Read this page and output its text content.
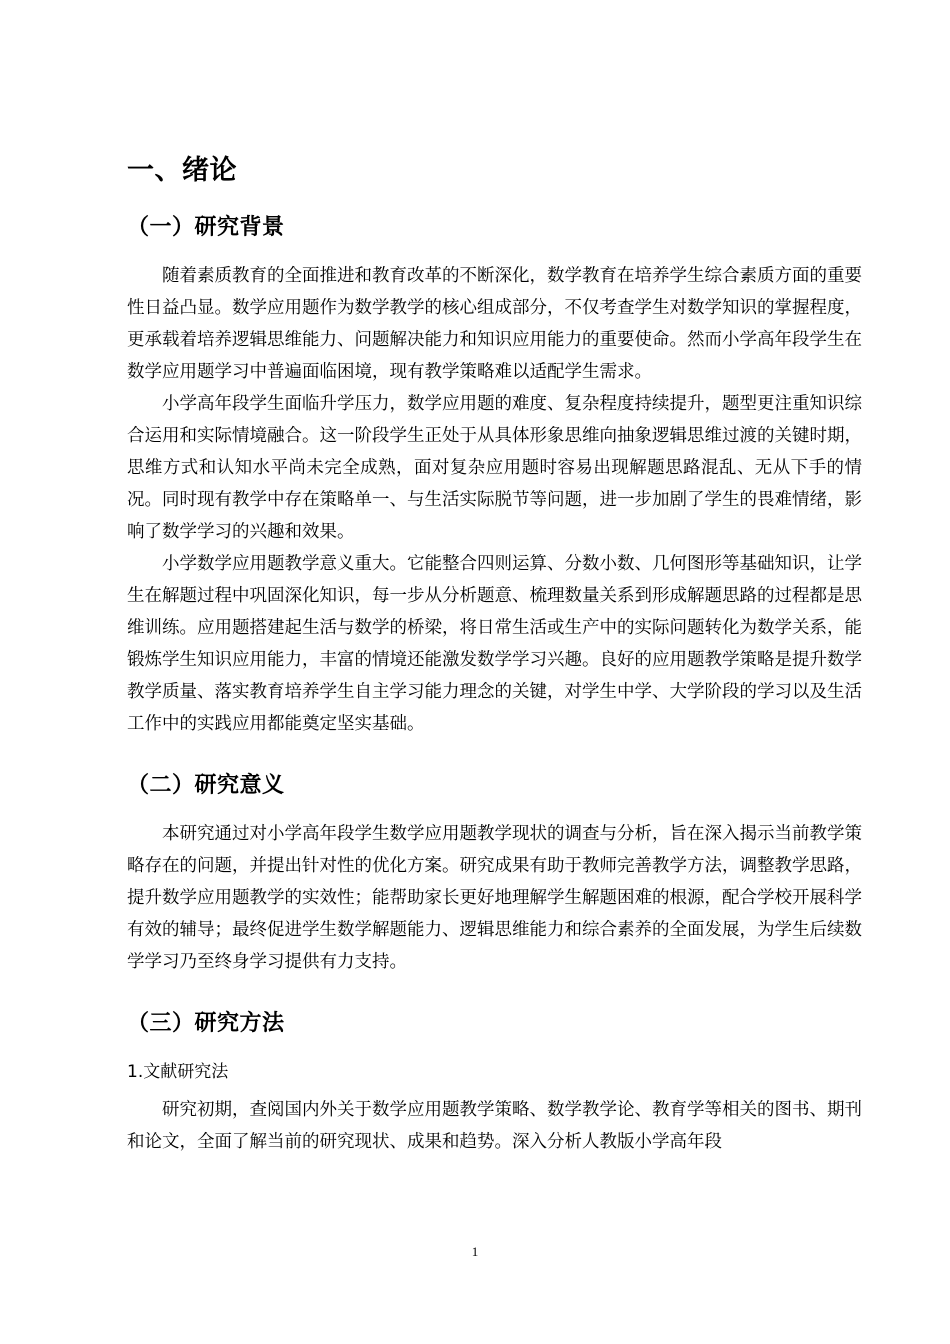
一、绪论
（一）研究背景

随着素质教育的全面推进和教育改革的不断深化，数学教育在培养学生综合素质方面的重要性日益凸显。数学应用题作为数学教学的核心组成部分，不仅考查学生对数学知识的掌握程度，更承载着培养逻辑思维能力、问题解决能力和知识应用能力的重要使命。然而小学高年段学生在数学应用题学习中普遍面临困境，现有教学策略难以适配学生需求。

小学高年段学生面临升学压力，数学应用题的难度、复杂程度持续提升，题型更注重知识综合运用和实际情境融合。这一阶段学生正处于从具体形象思维向抽象逻辑思维过渡的关键时期，思维方式和认知水平尚未完全成熟，面对复杂应用题时容易出现解题思路混乱、无从下手的情况。同时现有教学中存在策略单一、与生活实际脱节等问题，进一步加剧了学生的畏难情绪，影响了数学学习的兴趣和效果。

小学数学应用题教学意义重大。它能整合四则运算、分数小数、几何图形等基础知识，让学生在解题过程中巩固深化知识，每一步从分析题意、梳理数量关系到形成解题思路的过程都是思维训练。应用题搭建起生活与数学的桥梁，将日常生活或生产中的实际问题转化为数学关系，能锻炼学生知识应用能力，丰富的情境还能激发数学学习兴趣。良好的应用题教学策略是提升数学教学质量、落实教育培养学生自主学习能力理念的关键，对学生中学、大学阶段的学习以及生活工作中的实践应用都能奠定坚实基础。

（二）研究意义

本研究通过对小学高年段学生数学应用题教学现状的调查与分析，旨在深入揭示当前教学策略存在的问题，并提出针对性的优化方案。研究成果有助于教师完善教学方法，调整教学思路，提升数学应用题教学的实效性；能帮助家长更好地理解学生解题困难的根源，配合学校开展科学有效的辅导；最终促进学生数学解题能力、逻辑思维能力和综合素养的全面发展，为学生后续数学学习乃至终身学习提供有力支持。

（三）研究方法
1.文献研究法

研究初期，查阅国内外关于数学应用题教学策略、数学教学论、教育学等相关的图书、期刊和论文，全面了解当前的研究现状、成果和趋势。深入分析人教版小学高年段

1
